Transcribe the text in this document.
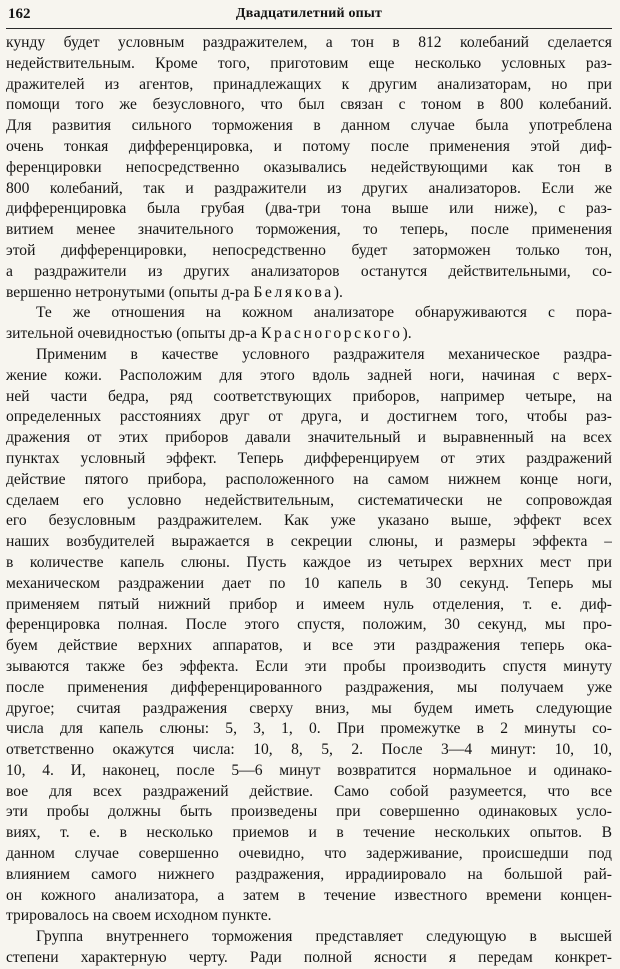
162	Двадцатилетний опыт
кунду будет условным раздражителем, а тон в 812 колебаний сделается
недействительным. Кроме того, приготовим еще несколько условных раз-
дражителей из агентов, принадлежащих к другим анализаторам, но при
помощи того же безусловного, что был связан с тоном в 800 колебаний.
Для развития сильного торможения в данном случае была употреблена
очень тонкая дифференцировка, и потому после применения этой диф-
ференцировки непосредственно оказывались недействующими как тон в
800 колебаний, так и раздражители из других анализаторов. Если же
дифференцировка была грубая (два-три тона выше или ниже), с раз-
витием менее значительного торможения, то теперь, после применения
этой дифференцировки, непосредственно будет заторможен только тон,
а раздражители из других анализаторов останутся действительными, со-
вершенно нетронутыми (опыты д-ра Белякова).
Те же отношения на кожном анализаторе обнаруживаются с пора-
зительной очевидностью (опыты др-а Красногорского).
Применим в качестве условного раздражителя механическое раздра-
жение кожи. Расположим для этого вдоль задней ноги, начиная с верх-
ней части бедра, ряд соответствующих приборов, например четыре, на
определенных расстояниях друг от друга, и достигнем того, чтобы раз-
дражения от этих приборов давали значительный и выравненный на всех
пунктах условный эффект. Теперь дифференцируем от этих раздражений
действие пятого прибора, расположенного на самом нижнем конце ноги,
сделаем его условно недействительным, систематически не сопровождая
его безусловным раздражителем. Как уже указано выше, эффект всех
наших возбудителей выражается в секреции слюны, и размеры эффекта –
в количестве капель слюны. Пусть каждое из четырех верхних мест при
механическом раздражении дает по 10 капель в 30 секунд. Теперь мы
применяем пятый нижний прибор и имеем нуль отделения, т. е. диф-
ференцировка полная. После этого спустя, положим, 30 секунд, мы про-
буем действие верхних аппаратов, и все эти раздражения теперь ока-
зываются также без эффекта. Если эти пробы производить спустя минуту
после применения дифференцированного раздражения, мы получаем уже
другое; считая раздражения сверху вниз, мы будем иметь следующие
числа для капель слюны: 5, 3, 1, 0. При промежутке в 2 минуты со-
ответственно окажутся числа: 10, 8, 5, 2. После 3—4 минут: 10, 10,
10, 4. И, наконец, после 5—6 минут возвратится нормальное и одинако-
вое для всех раздражений действие. Само собой разумеется, что все
эти пробы должны быть произведены при совершенно одинаковых усло-
виях, т. е. в несколько приемов и в течение нескольких опытов. В
данном случае совершенно очевидно, что задерживание, происшедши под
влиянием самого нижнего раздражения, иррадиировало на большой рай-
он кожного анализатора, а затем в течение известного времени концен-
трировалось на своем исходном пункте.
Группа внутреннего торможения представляет следующую в высшей
степени характерную черту. Ради полной ясности я передам конкрет-
